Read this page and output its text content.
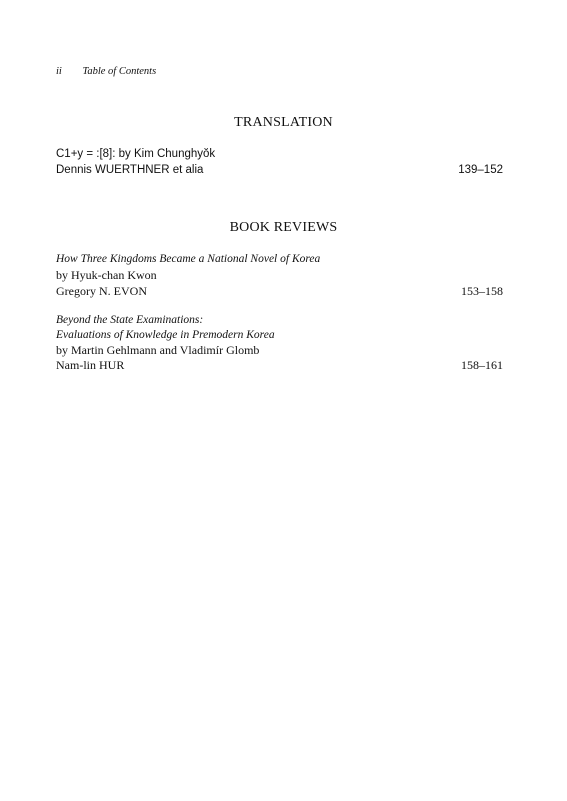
ii Table of Contents
TRANSLATION
C1+y = :[8]: by Kim Chunghyŏk
Dennis WUERTHNER et alia	139–152
BOOK REVIEWS
How Three Kingdoms Became a National Novel of Korea
by Hyuk-chan Kwon
Gregory N. EVON	153–158
Beyond the State Examinations:
Evaluations of Knowledge in Premodern Korea
by Martin Gehlmann and Vladimír Glomb
Nam-lin HUR	158–161
